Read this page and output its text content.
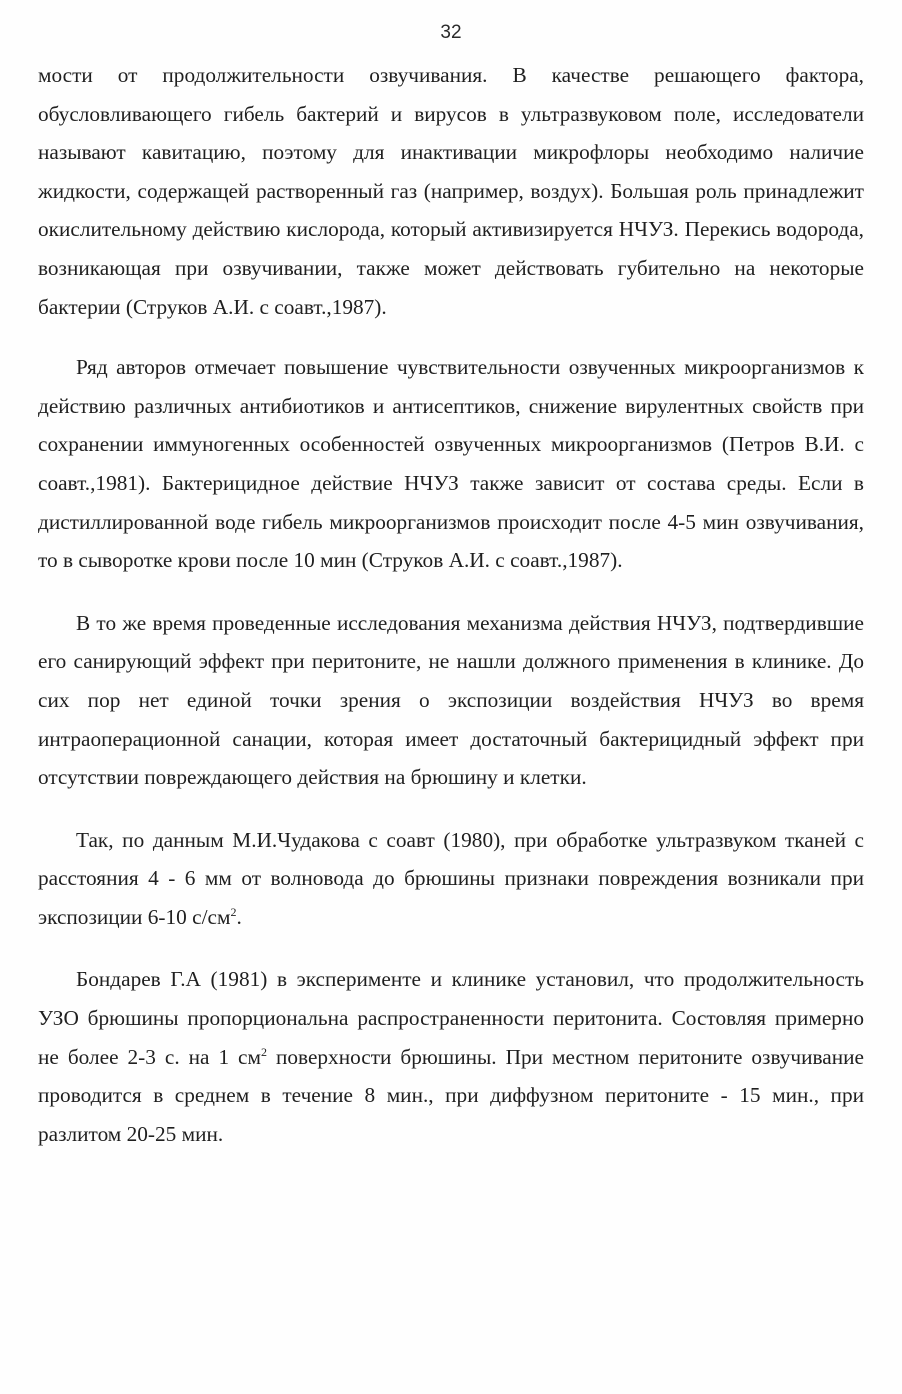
32

мости от продолжительности озвучивания. В качестве решающего фактора, обусловливающего гибель бактерий и вирусов в ультразвуковом поле, исследователи называют кавитацию, поэтому для инактивации микрофлоры необходимо наличие жидкости, содержащей растворенный газ (например, воздух). Большая роль принадлежит окислительному действию кислорода, который активизируется НЧУЗ. Перекись водорода, возникающая при озвучивании, также может действовать губительно на некоторые бактерии (Струков А.И. с соавт.,1987).

Ряд авторов отмечает повышение чувствительности озвученных микроорганизмов к действию различных антибиотиков и антисептиков, снижение вирулентных свойств при сохранении иммуногенных особенностей озвученных микроорганизмов (Петров В.И. с соавт.,1981). Бактерицидное действие НЧУЗ также зависит от состава среды. Если в дистиллированной воде гибель микроорганизмов происходит после 4-5 мин озвучивания, то в сыворотке крови после 10 мин (Струков А.И. с соавт.,1987).

В то же время проведенные исследования механизма действия НЧУЗ, подтвердившие его санирующий эффект при перитоните, не нашли должного применения в клинике. До сих пор нет единой точки зрения о экспозиции воздействия НЧУЗ во время интраоперационной санации, которая имеет достаточный бактерицидный эффект при отсутствии повреждающего действия на брюшину и клетки.

Так, по данным М.И.Чудакова с соавт (1980), при обработке ультразвуком тканей с расстояния 4 - 6 мм от волновода до брюшины признаки повреждения возникали при экспозиции 6-10 $с/см^2$.

Бондарев Г.А (1981) в эксперименте и клинике установил, что продолжительность УЗО брюшины пропорциональна распространенности перитонита. Состовляя примерно не более 2-3 с. на 1 $см^2$ поверхности брюшины. При местном перитоните озвучивание проводится в среднем в течение 8 мин., при диффузном перитоните - 15 мин., при разлитом 20-25 мин.
